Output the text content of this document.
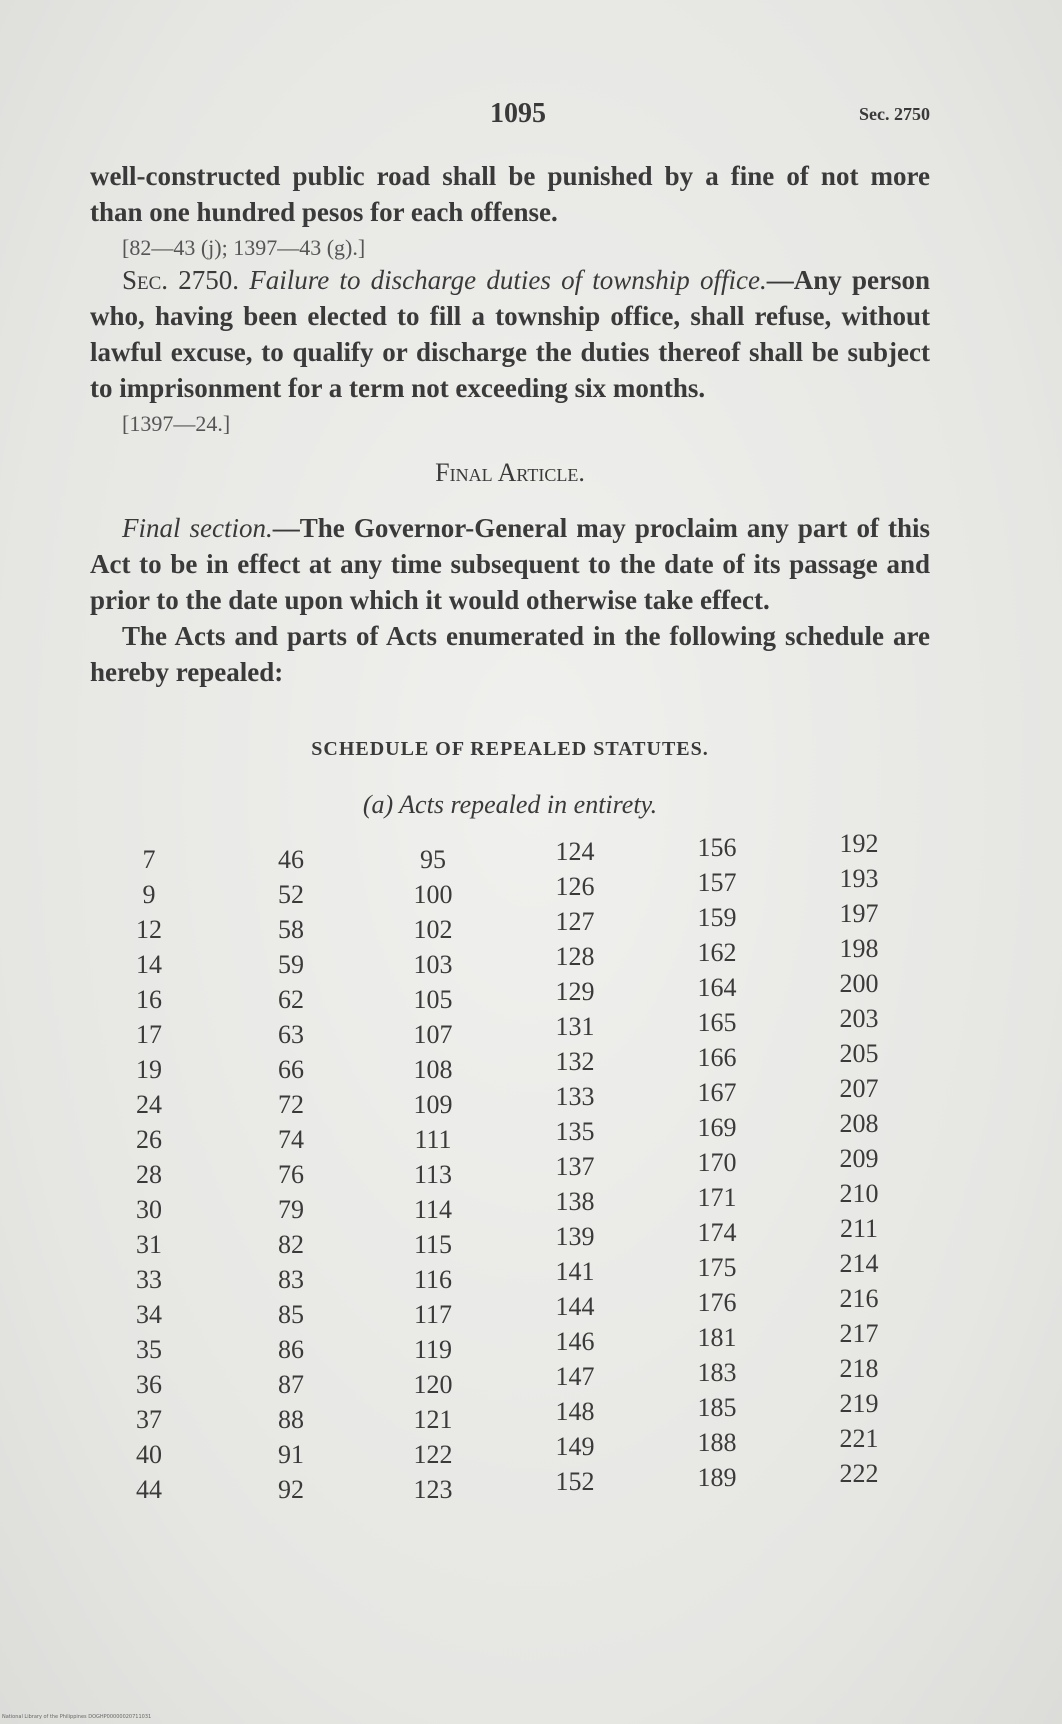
1095	Sec. 2750
well-constructed public road shall be punished by a fine of not more than one hundred pesos for each offense.
[82—43 (j); 1397—43 (g).]
Sec. 2750. Failure to discharge duties of township office.—Any person who, having been elected to fill a township office, shall refuse, without lawful excuse, to qualify or discharge the duties thereof shall be subject to imprisonment for a term not exceeding six months.
[1397—24.]
Final Article.
Final section.—The Governor-General may proclaim any part of this Act to be in effect at any time subsequent to the date of its passage and prior to the date upon which it would otherwise take effect.
The Acts and parts of Acts enumerated in the following schedule are hereby repealed:
SCHEDULE OF REPEALED STATUTES.
(a) Acts repealed in entirety.
7
9
12
14
16
17
19
24
26
28
30
31
33
34
35
36
37
40
44
46
52
58
59
62
63
66
72
74
76
79
82
83
85
86
87
88
91
92
95
100
102
103
105
107
108
109
111
113
114
115
116
117
119
120
121
122
123
124
126
127
128
129
131
132
133
135
137
138
139
141
144
146
147
148
149
152
156
157
159
162
164
165
166
167
169
170
171
174
175
176
181
183
185
188
189
192
193
197
198
200
203
205
207
208
209
210
211
214
216
217
218
219
221
222
National Library of the Philippines DOGHP00000020711031
